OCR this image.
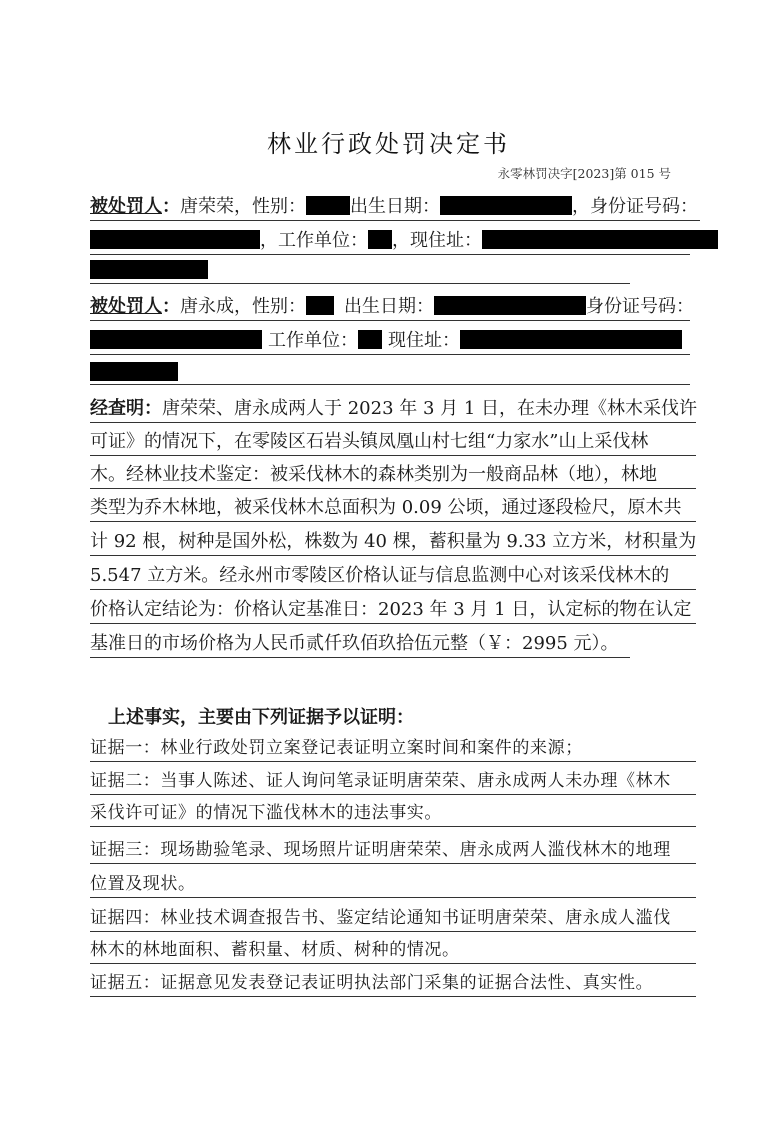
林业行政处罚决定书
永零林罚决字[2023]第 015 号
被处罚人：唐荣荣，性别： 出生日期：	，身份证号码：
，工作单位： ，现住址：
被处罚人：唐永成，性别： 出生日期：	身份证号码：
工作单位： 现住址：
经查明：唐荣荣、唐永成两人于 2023 年 3 月 1 日，在未办理《林木采伐许
可证》的情况下，在零陵区石岩头镇凤凰山村七组“力家水”山上采伐林
木。经林业技术鉴定：被采伐林木的森林类别为一般商品林（地），林地
类型为乔木林地，被采伐林木总面积为 0.09 公顷，通过逐段检尺，原木共
计 92 根，树种是国外松，株数为 40 棵，蓄积量为 9.33 立方米，材积量为
5.547 立方米。经永州市零陵区价格认证与信息监测中心对该采伐林木的
价格认定结论为：价格认定基准日：2023 年 3 月 1 日，认定标的物在认定
基准日的市场价格为人民币贰仟玖佰玖拾伍元整（￥：2995 元）。
上述事实，主要由下列证据予以证明：
证据一：林业行政处罚立案登记表证明立案时间和案件的来源；
证据二：当事人陈述、证人询问笔录证明唐荣荣、唐永成两人未办理《林木
采伐许可证》的情况下滥伐林木的违法事实。
证据三：现场勘验笔录、现场照片证明唐荣荣、唐永成两人滥伐林木的地理
位置及现状。
证据四：林业技术调查报告书、鉴定结论通知书证明唐荣荣、唐永成人滥伐
林木的林地面积、蓄积量、材质、树种的情况。
证据五：证据意见发表登记表证明执法部门采集的证据合法性、真实性。
